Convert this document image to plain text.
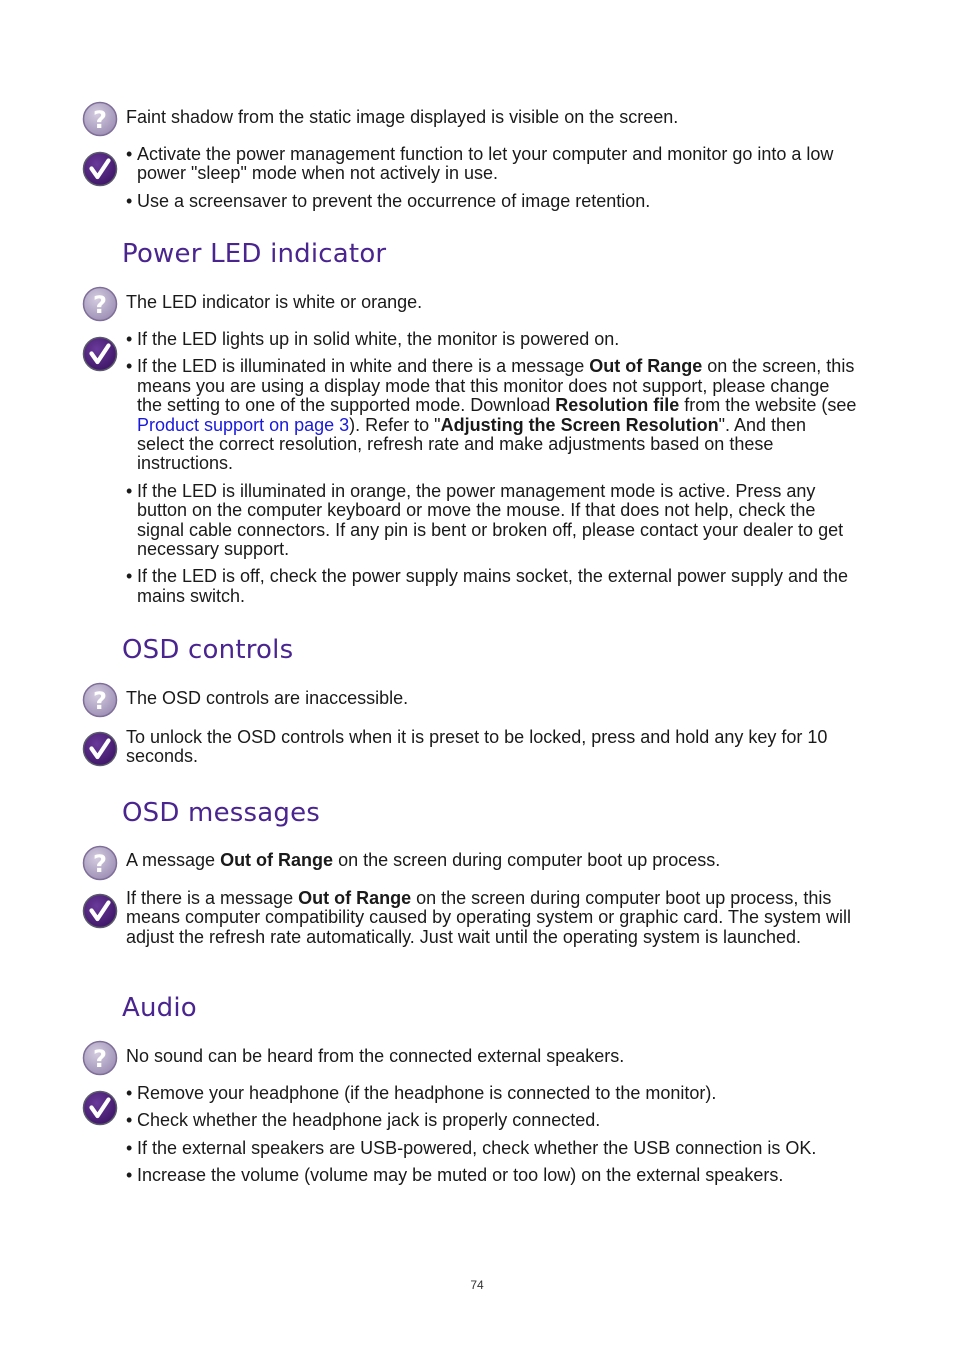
Faint shadow from the static image displayed is visible on the screen.
• Activate the power management function to let your computer and monitor go into a low power "sleep" mode when not actively in use.
• Use a screensaver to prevent the occurrence of image retention.
Power LED indicator
The LED indicator is white or orange.
• If the LED lights up in solid white, the monitor is powered on.
• If the LED is illuminated in white and there is a message Out of Range on the screen, this means you are using a display mode that this monitor does not support, please change the setting to one of the supported mode. Download Resolution file from the website (see Product support on page 3). Refer to "Adjusting the Screen Resolution". And then select the correct resolution, refresh rate and make adjustments based on these instructions.
• If the LED is illuminated in orange, the power management mode is active. Press any button on the computer keyboard or move the mouse. If that does not help, check the signal cable connectors. If any pin is bent or broken off, please contact your dealer to get necessary support.
• If the LED is off, check the power supply mains socket, the external power supply and the mains switch.
OSD controls
The OSD controls are inaccessible.
To unlock the OSD controls when it is preset to be locked, press and hold any key for 10 seconds.
OSD messages
A message Out of Range on the screen during computer boot up process.
If there is a message Out of Range on the screen during computer boot up process, this means computer compatibility caused by operating system or graphic card. The system will adjust the refresh rate automatically. Just wait until the operating system is launched.
Audio
No sound can be heard from the connected external speakers.
• Remove your headphone (if the headphone is connected to the monitor).
• Check whether the headphone jack is properly connected.
• If the external speakers are USB-powered, check whether the USB connection is OK.
• Increase the volume (volume may be muted or too low) on the external speakers.
74
